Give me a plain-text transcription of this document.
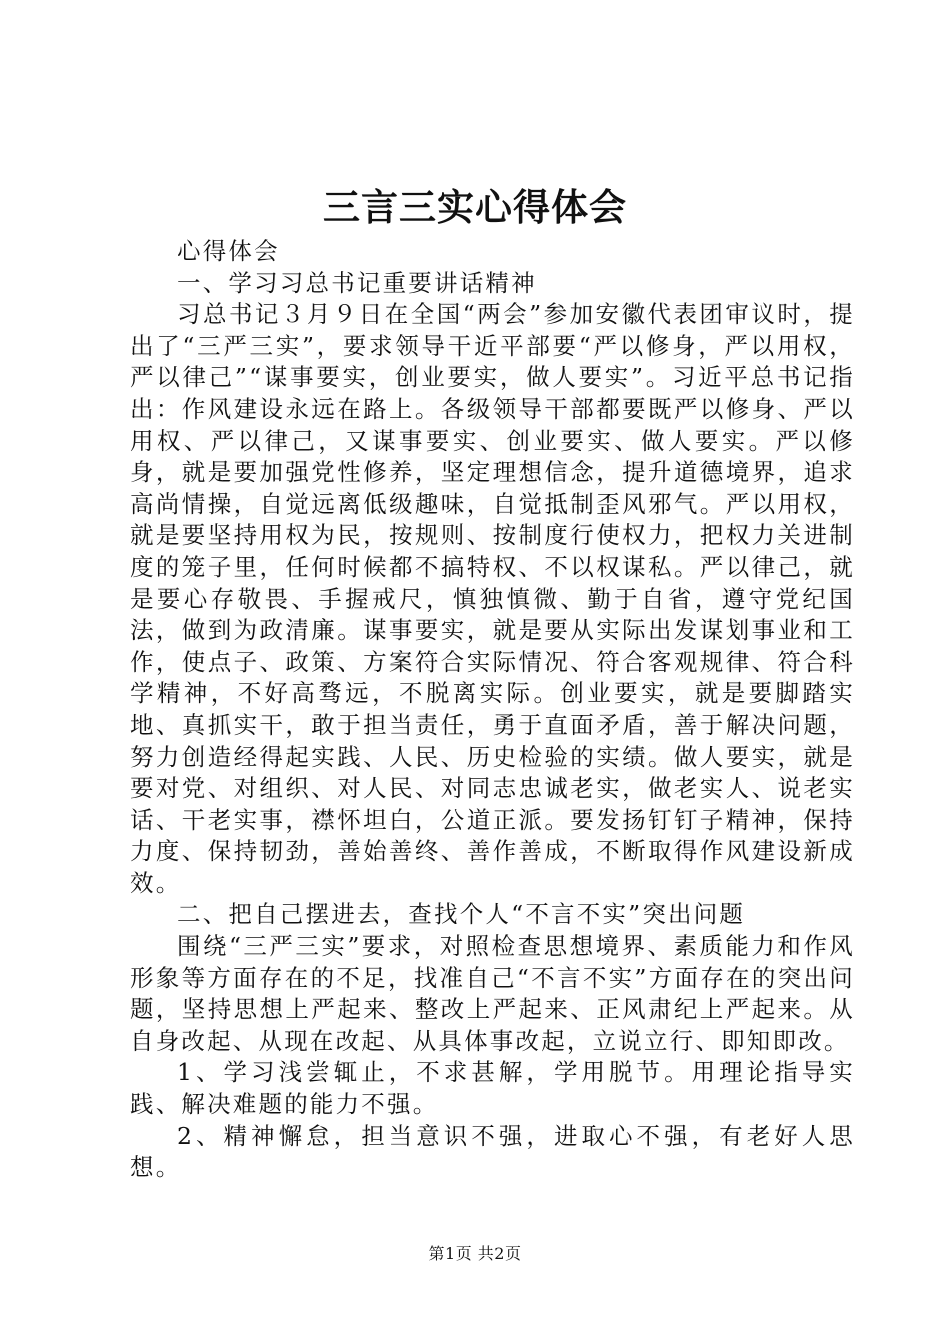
三言三实心得体会

心得体会

一、学习习总书记重要讲话精神

习总书记３月９日在全国“两会”参加安徽代表团审议时，提出了“三严三实”，要求领导干近平部要“严以修身，严以用权，严以律己”“谋事要实，创业要实，做人要实”。习近平总书记指出：作风建设永远在路上。各级领导干部都要既严以修身、严以用权、严以律己，又谋事要实、创业要实、做人要实。严以修身，就是要加强党性修养，坚定理想信念，提升道德境界，追求高尚情操，自觉远离低级趣味，自觉抵制歪风邪气。严以用权，就是要坚持用权为民，按规则、按制度行使权力，把权力关进制度的笼子里，任何时候都不搞特权、不以权谋私。严以律己，就是要心存敬畏、手握戒尺，慎独慎微、勤于自省，遵守党纪国法，做到为政清廉。谋事要实，就是要从实际出发谋划事业和工作，使点子、政策、方案符合实际情况、符合客观规律、符合科学精神，不好高骛远，不脱离实际。创业要实，就是要脚踏实地、真抓实干，敢于担当责任，勇于直面矛盾，善于解决问题，努力创造经得起实践、人民、历史检验的实绩。做人要实，就是要对党、对组织、对人民、对同志忠诚老实，做老实人、说老实话、干老实事，襟怀坦白，公道正派。要发扬钉钉子精神，保持力度、保持韧劲，善始善终、善作善成，不断取得作风建设新成效。

二、把自己摆进去，查找个人“不言不实”突出问题

围绕“三严三实”要求，对照检查思想境界、素质能力和作风形象等方面存在的不足，找准自己“不言不实”方面存在的突出问题，坚持思想上严起来、整改上严起来、正风肃纪上严起来。从自身改起、从现在改起、从具体事改起，立说立行、即知即改。

1、学习浅尝辄止，不求甚解，学用脱节。用理论指导实践、解决难题的能力不强。

2、精神懈怠，担当意识不强，进取心不强，有老好人思想。

第1页 共2页
